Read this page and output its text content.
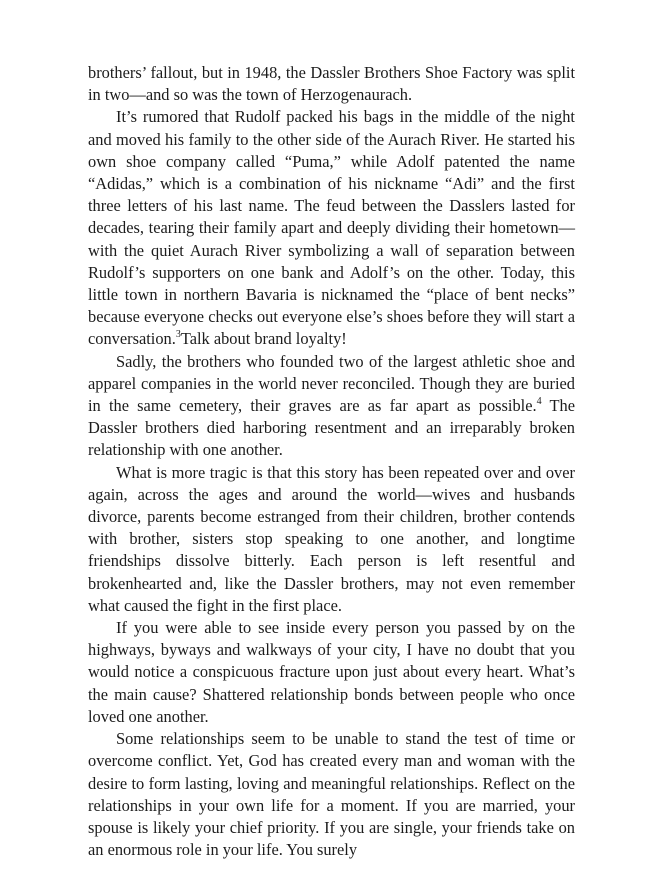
brothers’ fallout, but in 1948, the Dassler Brothers Shoe Factory was split in two—and so was the town of Herzogenaurach.

It’s rumored that Rudolf packed his bags in the middle of the night and moved his family to the other side of the Aurach River. He started his own shoe company called “Puma,” while Adolf patented the name “Adidas,” which is a combination of his nickname “Adi” and the first three letters of his last name. The feud between the Dasslers lasted for decades, tearing their family apart and deeply dividing their hometown—with the quiet Aurach River symbolizing a wall of separation between Rudolf’s supporters on one bank and Adolf’s on the other. Today, this little town in northern Bavaria is nicknamed the “place of bent necks” because everyone checks out everyone else’s shoes before they will start a conversation.$^3$Talk about brand loyalty!

Sadly, the brothers who founded two of the largest athletic shoe and apparel companies in the world never reconciled. Though they are buried in the same cemetery, their graves are as far apart as possible.$^4$ The Dassler brothers died harboring resentment and an irreparably broken relationship with one another.

What is more tragic is that this story has been repeated over and over again, across the ages and around the world—wives and husbands divorce, parents become estranged from their children, brother contends with brother, sisters stop speaking to one another, and longtime friendships dissolve bitterly. Each person is left resentful and brokenhearted and, like the Dassler brothers, may not even remember what caused the fight in the first place.

If you were able to see inside every person you passed by on the highways, byways and walkways of your city, I have no doubt that you would notice a conspicuous fracture upon just about every heart. What’s the main cause? Shattered relationship bonds between people who once loved one another.

Some relationships seem to be unable to stand the test of time or overcome conflict. Yet, God has created every man and woman with the desire to form lasting, loving and meaningful relationships. Reflect on the relationships in your own life for a moment. If you are married, your spouse is likely your chief priority. If you are single, your friends take on an enormous role in your life. You surely
